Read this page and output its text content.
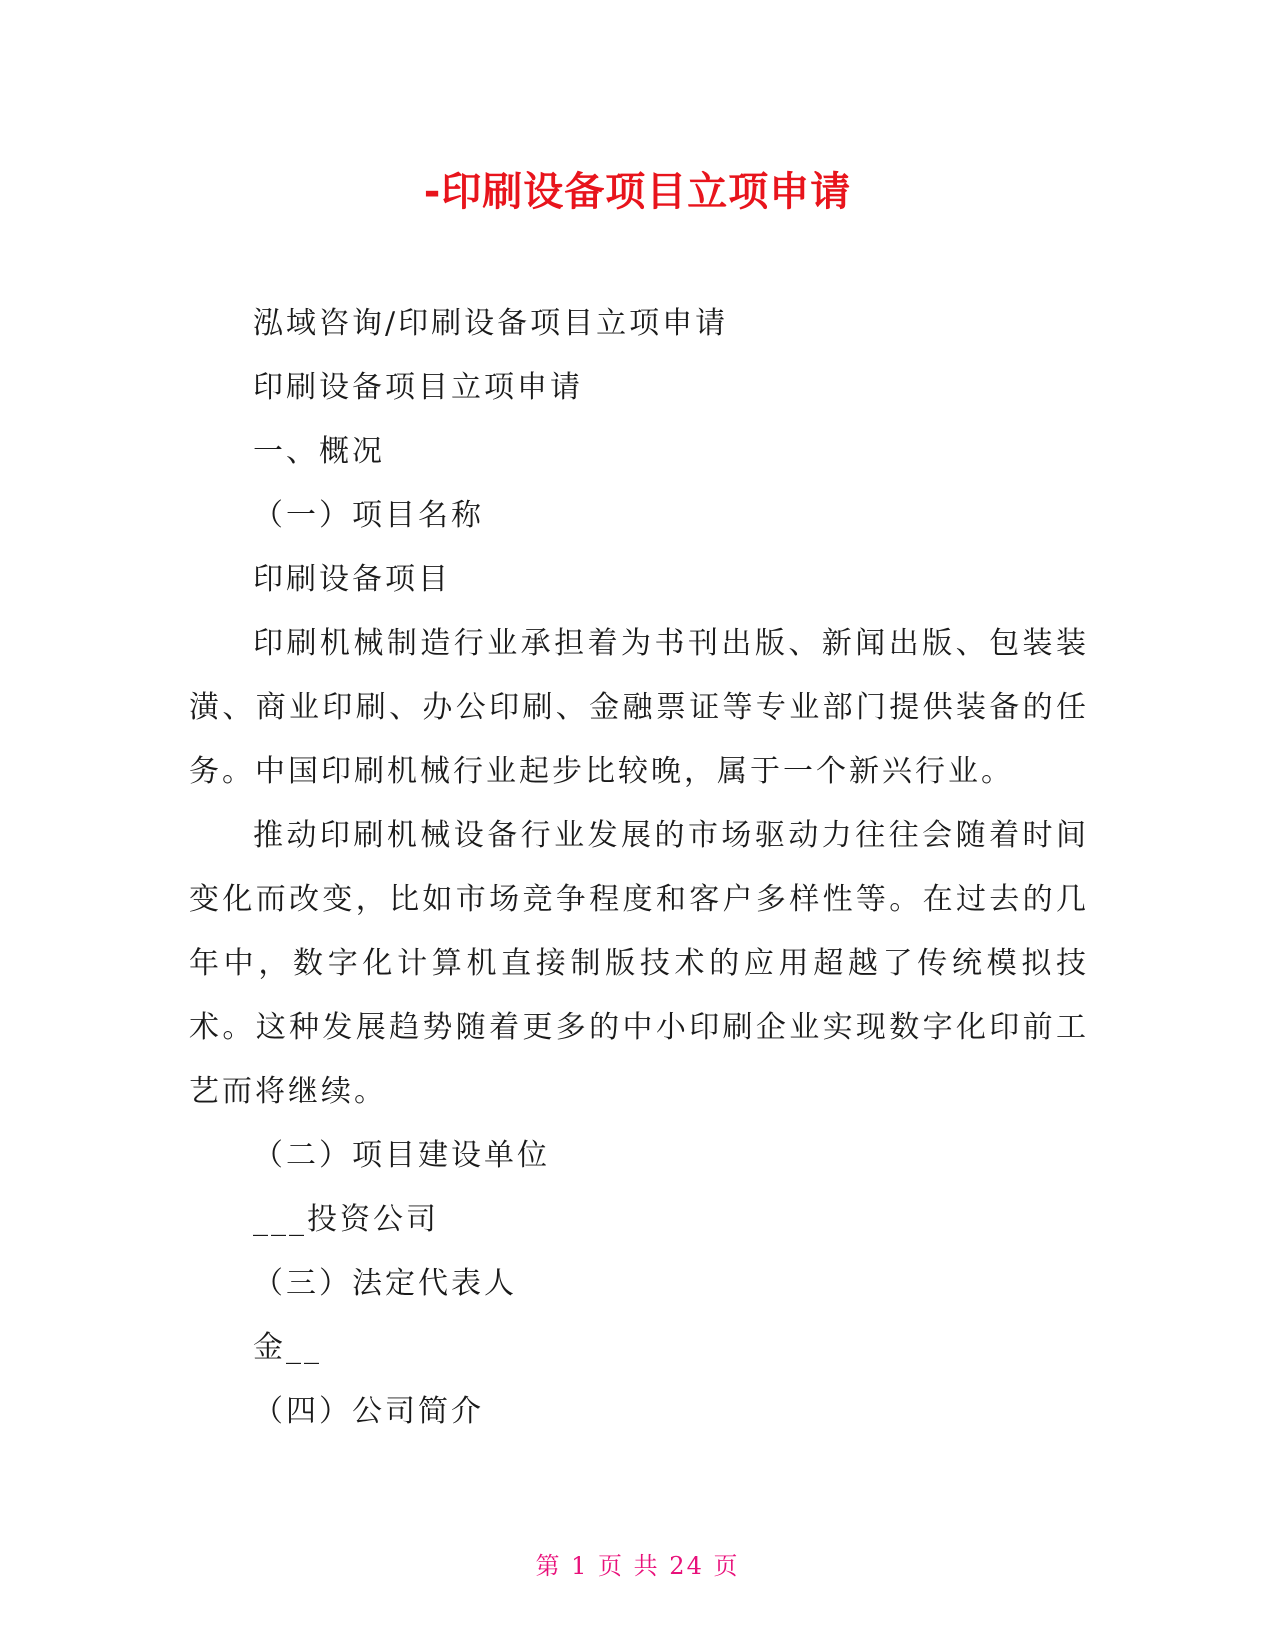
-印刷设备项目立项申请

泓域咨询/印刷设备项目立项申请

印刷设备项目立项申请

一、概况

（一）项目名称

印刷设备项目

印刷机械制造行业承担着为书刊出版、新闻出版、包装装潢、商业印刷、办公印刷、金融票证等专业部门提供装备的任务。中国印刷机械行业起步比较晚，属于一个新兴行业。

推动印刷机械设备行业发展的市场驱动力往往会随着时间变化而改变，比如市场竞争程度和客户多样性等。在过去的几年中，数字化计算机直接制版技术的应用超越了传统模拟技术。这种发展趋势随着更多的中小印刷企业实现数字化印前工艺而将继续。

（二）项目建设单位

___投资公司

（三）法定代表人

金__

（四）公司简介

第 1 页 共 24 页
